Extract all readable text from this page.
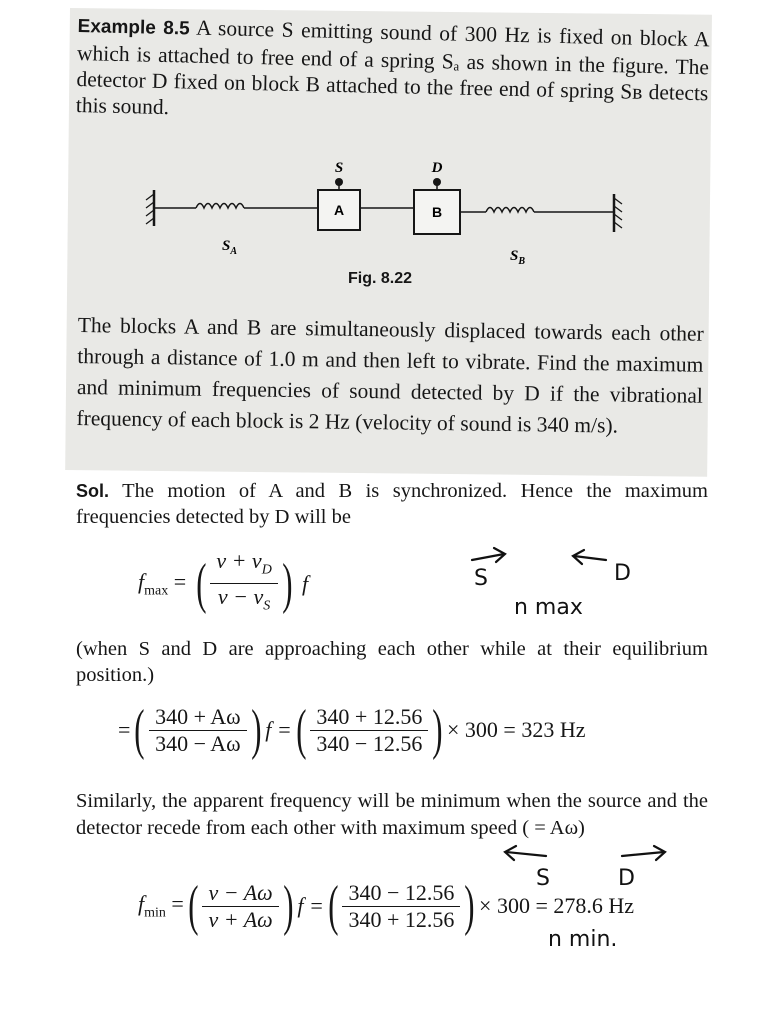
Example 8.5 A source S emitting sound of 300 Hz is fixed on block A which is attached to free end of a spring Sₐ as shown in the figure. The detector D fixed on block B attached to the free end of spring Sʙ detects this sound.
A
S
B
D
$S_A$	$S_B$
Fig. 8.22
The blocks A and B are simultaneously displaced towards each other through a distance of 1.0 m and then left to vibrate. Find the maximum and minimum frequencies of sound detected by D if the vibrational frequency of each block is 2 Hz (velocity of sound is 340 m/s).
Sol. The motion of A and B is synchronized. Hence the maximum frequencies detected by D will be
$f_{max}$ = ( $\frac{v + v_D}{v - v_S}$ ) f
(when S and D are approaching each other while at their equilibrium position.)
=( $\frac{340 + A\omega}{340 - A\omega}$ ) f =( $\frac{340 + 12.56}{340 - 12.56}$ ) × 300 = 323 Hz
Similarly, the apparent frequency will be minimum when the source and the detector recede from each other with maximum speed ( = Aω)
$f_{min}$ =( $\frac{v - A\omega}{v + A\omega}$ ) f =( $\frac{340 - 12.56}{340 + 12.56}$ ) × 300 = 278.6 Hz
S	D
n max
S	D
n min.
